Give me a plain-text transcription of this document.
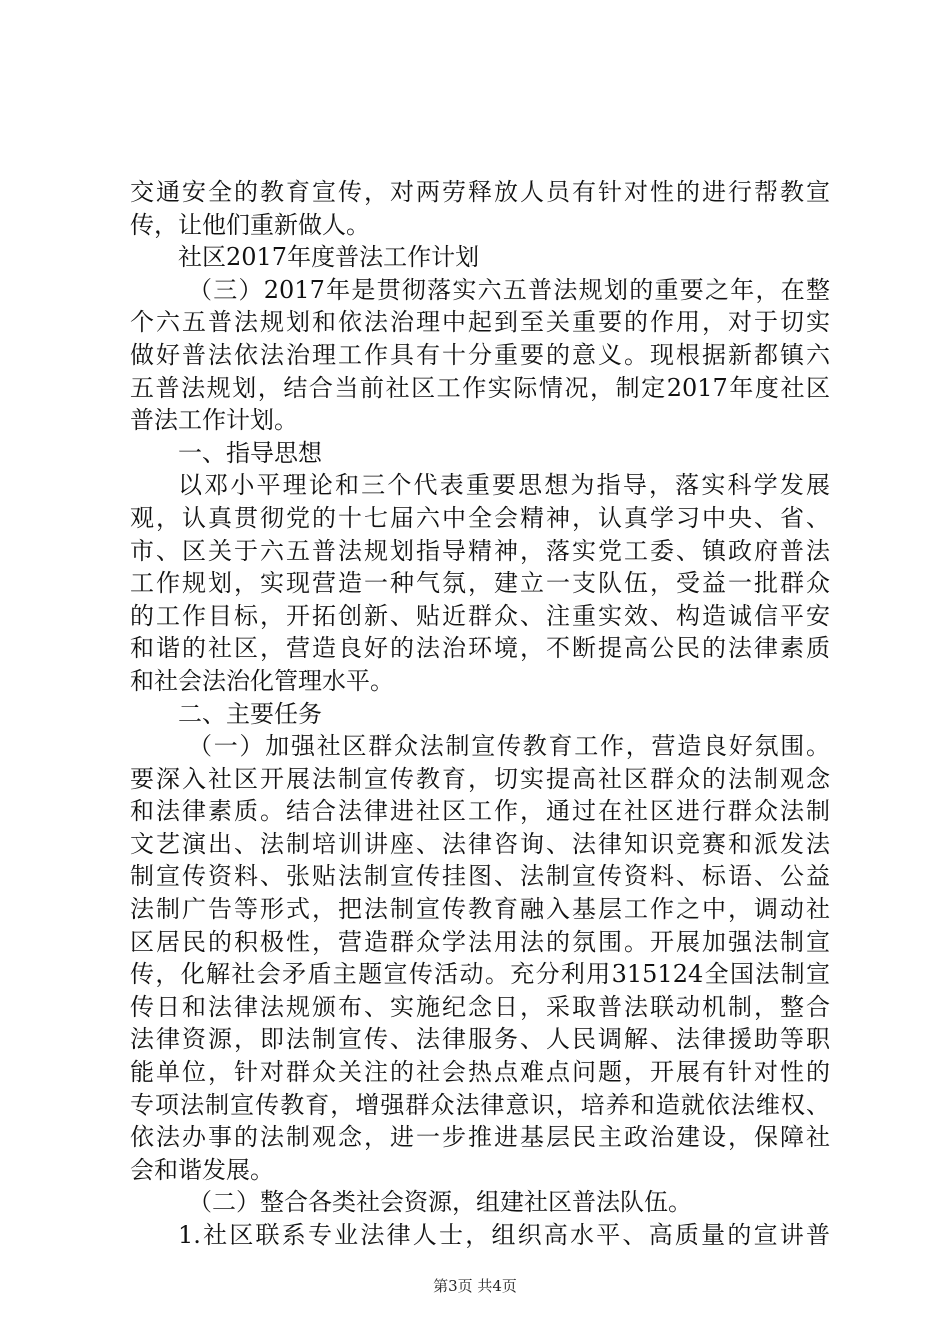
交通安全的教育宣传，对两劳释放人员有针对性的进行帮教宣
传，让他们重新做人。
社区2017年度普法工作计划
（三）2017年是贯彻落实六五普法规划的重要之年，在整
个六五普法规划和依法治理中起到至关重要的作用，对于切实
做好普法依法治理工作具有十分重要的意义。现根据新都镇六
五普法规划，结合当前社区工作实际情况，制定2017年度社区
普法工作计划。
一、指导思想
以邓小平理论和三个代表重要思想为指导，落实科学发展
观，认真贯彻党的十七届六中全会精神，认真学习中央、省、
市、区关于六五普法规划指导精神，落实党工委、镇政府普法
工作规划，实现营造一种气氛，建立一支队伍，受益一批群众
的工作目标，开拓创新、贴近群众、注重实效、构造诚信平安
和谐的社区，营造良好的法治环境，不断提高公民的法律素质
和社会法治化管理水平。
二、主要任务
（一）加强社区群众法制宣传教育工作，营造良好氛围。
要深入社区开展法制宣传教育，切实提高社区群众的法制观念
和法律素质。结合法律进社区工作，通过在社区进行群众法制
文艺演出、法制培训讲座、法律咨询、法律知识竞赛和派发法
制宣传资料、张贴法制宣传挂图、法制宣传资料、标语、公益
法制广告等形式，把法制宣传教育融入基层工作之中，调动社
区居民的积极性，营造群众学法用法的氛围。开展加强法制宣
传，化解社会矛盾主题宣传活动。充分利用315124全国法制宣
传日和法律法规颁布、实施纪念日，采取普法联动机制，整合
法律资源，即法制宣传、法律服务、人民调解、法律援助等职
能单位，针对群众关注的社会热点难点问题，开展有针对性的
专项法制宣传教育，增强群众法律意识，培养和造就依法维权、
依法办事的法制观念，进一步推进基层民主政治建设，保障社
会和谐发展。
（二）整合各类社会资源，组建社区普法队伍。
1.社区联系专业法律人士，组织高水平、高质量的宣讲普
第3页 共4页
